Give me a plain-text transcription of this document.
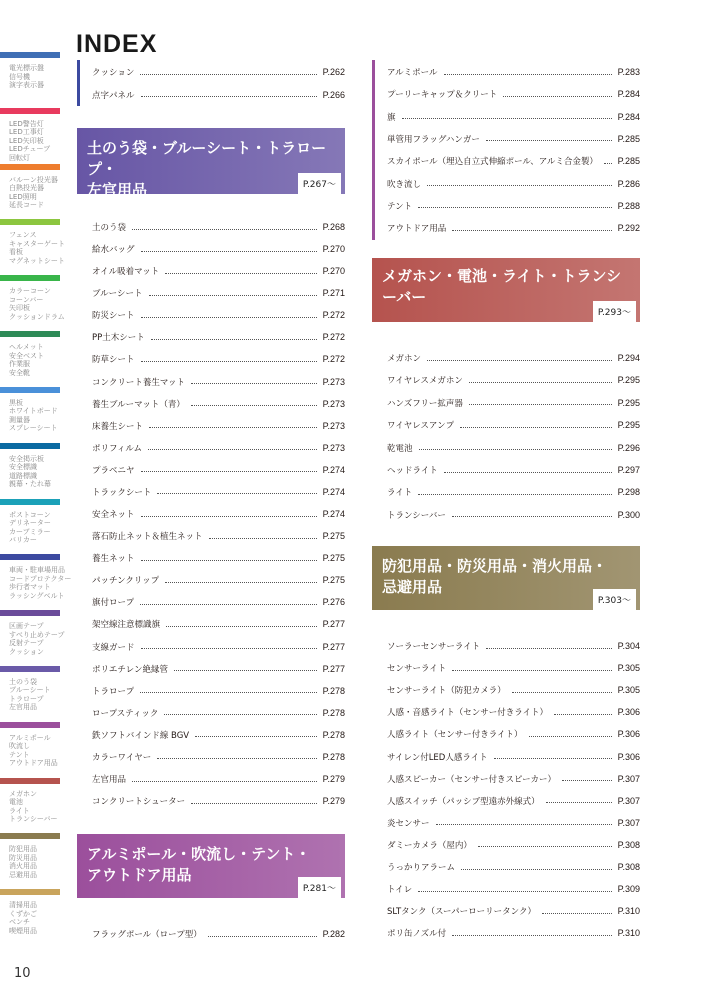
INDEX
電光標示盤
信号機
演字表示器
LED警告灯
LED工事灯
LED矢印板
LEDチューブ
回転灯
バルーン投光器
白熱投光器
LED照明
延長コード
フェンス
キャスターゲート
看板
マグネットシート
カラーコーン
コーンバー
矢印板
クッションドラム
ヘルメット
安全ベスト
作業服
安全靴
黒板
ホワイトボード
測量器
スプレーシート
安全掲示板
安全標識
道路標識
親幕・たれ幕
ポストコーン
デリネーター
カーブミラー
バリカー
車両・駐車場用品
コードプロテクター
歩行者マット
ラッシングベルト
区画テープ
すべり止めテープ
反射テープ
クッション
土のう袋
ブルーシート
トラロープ
左官用品
アルミポール
吹流し
テント
アウトドア用品
メガホン
電池
ライト
トランシーバー
防犯用品
防災用品
消火用品
忌避用品
清掃用品
くずかご
ベンチ
喫煙用品
土のう袋・ブルーシート・トラロープ・
左官用品	P.267～
アルミポール・吹流し・テント・
アウトドア用品
P.281～
メガホン・電池・ライト・トランシーバー
P.293～
防犯用品・防災用品・消火用品・
忌避用品
P.303～
クッション	P.262
点字パネル	P.266
土のう袋	P.268
給水バッグ	P.270
オイル吸着マット	P.270
ブルーシート	P.271
防災シート	P.272
PP土木シート	P.272
防草シート	P.272
コンクリート養生マット	P.273
養生ブルーマット（青）	P.273
床養生シート	P.273
ポリフィルム	P.273
プラベニヤ	P.274
トラックシート	P.274
安全ネット	P.274
落石防止ネット＆植生ネット	P.275
養生ネット	P.275
パッチンクリップ	P.275
旗付ロープ	P.276
架空線注意標識旗	P.277
支線ガード	P.277
ポリエチレン絶縁管	P.277
トラロープ	P.278
ロープスティック	P.278
鉄ソフトバインド線 BGV	P.278
カラーワイヤー	P.278
左官用品	P.279
コンクリートシューター	P.279
フラッグポール（ロープ型）	P.282
アルミポール	P.283
プーリーキャップ＆クリート	P.284
旗	P.284
単管用フラッグハンガー	P.285
スカイポール（埋込自立式伸縮ポール、アルミ合金製） P.285
吹き流し	P.286
テント	P.288
アウトドア用品	P.292
メガホン	P.294
ワイヤレスメガホン	P.295
ハンズフリー拡声器	P.295
ワイヤレスアンプ	P.295
乾電池	P.296
ヘッドライト	P.297
ライト	P.298
トランシーバー	P.300
ソーラーセンサーライト	P.304
センサーライト	P.305
センサーライト（防犯カメラ）	P.305
人感・音感ライト（センサー付きライト）	P.306
人感ライト（センサー付きライト）	P.306
サイレン付LED人感ライト	P.306
人感スピーカー（センサー付きスピーカー）	P.307
人感スイッチ（パッシブ型遠赤外線式）	P.307
炎センサー	P.307
ダミーカメラ（屋内）	P.308
うっかりアラーム	P.308
トイレ	P.309
SLTタンク（スーパーローリータンク）	P.310
ポリ缶ノズル付	P.310
10
